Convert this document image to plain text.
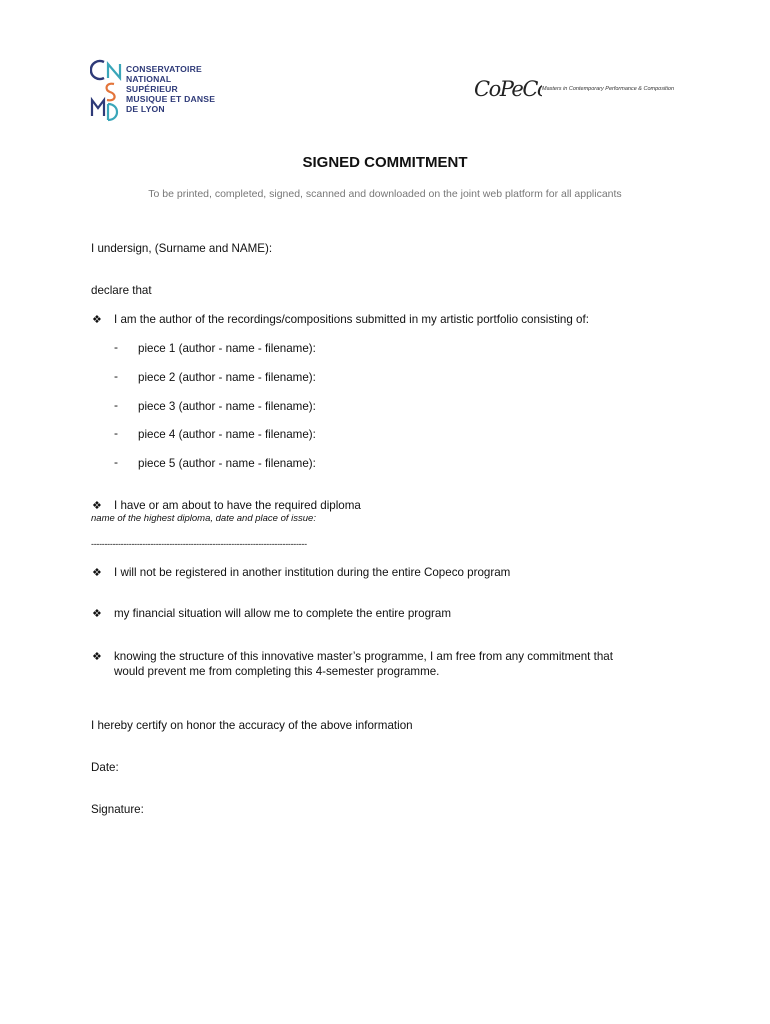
CONSERVATOIRE
NATIONAL
SUPÉRIEUR
MUSIQUE ET DANSE
DE LYON
CoPeCo
Masters in Contemporary Performance & Composition
SIGNED COMMITMENT
To be printed, completed, signed, scanned and downloaded on the joint web platform for all applicants
I undersign, (Surname and NAME):
declare that
❖ I am the author of the recordings/compositions submitted in my artistic portfolio consisting of:
- piece 1 (author - name - filename):
- piece 2 (author - name - filename):
- piece 3 (author - name - filename):
- piece 4 (author - name - filename):
- piece 5 (author - name - filename):
❖ I have or am about to have the required diploma
name of the highest diploma, date and place of issue:
--------------------------------------------------------------------------------
❖ I will not be registered in another institution during the entire Copeco program
❖ my financial situation will allow me to complete the entire program
❖ knowing the structure of this innovative master’s programme, I am free from any commitment that
would prevent me from completing this 4-semester programme.
I hereby certify on honor the accuracy of the above information
Date:
Signature:
